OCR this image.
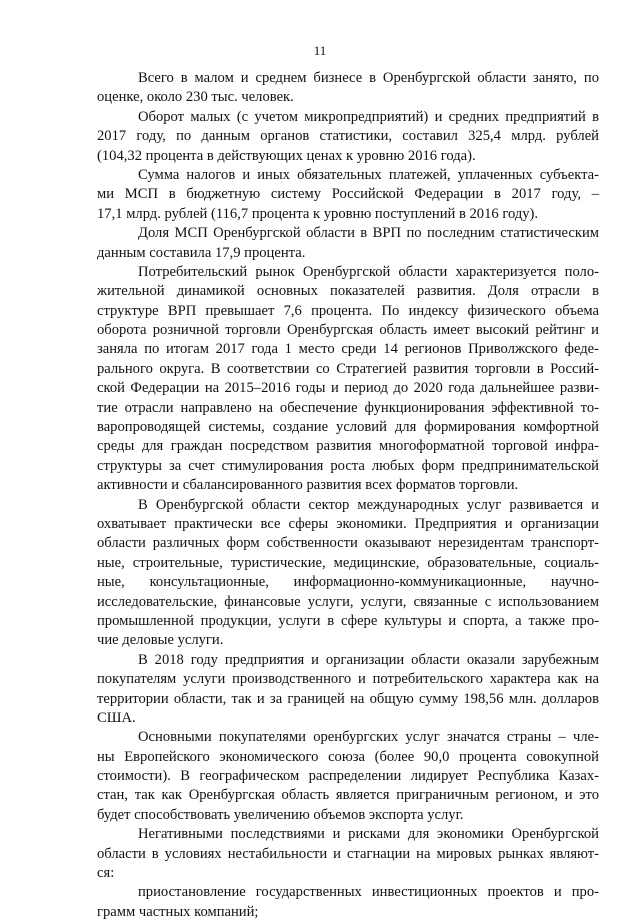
11

Всего в малом и среднем бизнесе в Оренбургской области занято, по
оценке, около 230 тыс. человек.

Оборот малых (с учетом микропредприятий) и средних предприятий в
2017 году, по данным органов статистики, составил 325,4 млрд. рублей
(104,32 процента в действующих ценах к уровню 2016 года).

Сумма налогов и иных обязательных платежей, уплаченных субъекта-
ми МСП в бюджетную систему Российской Федерации в 2017 году, –
17,1 млрд. рублей (116,7 процента к уровню поступлений в 2016 году).

Доля МСП Оренбургской области в ВРП по последним статистическим
данным составила 17,9 процента.

Потребительский рынок Оренбургской области характеризуется поло-
жительной динамикой основных показателей развития. Доля отрасли в
структуре ВРП превышает 7,6 процента. По индексу физического объема
оборота розничной торговли Оренбургская область имеет высокий рейтинг и
заняла по итогам 2017 года 1 место среди 14 регионов Приволжского феде-
рального округа. В соответствии со Стратегией развития торговли в Россий-
ской Федерации на 2015–2016 годы и период до 2020 года дальнейшее разви-
тие отрасли направлено на обеспечение функционирования эффективной то-
варопроводящей системы, создание условий для формирования комфортной
среды для граждан посредством развития многоформатной торговой инфра-
структуры за счет стимулирования роста любых форм предпринимательской
активности и сбалансированного развития всех форматов торговли.

В Оренбургской области сектор международных услуг развивается и
охватывает практически все сферы экономики. Предприятия и организации
области различных форм собственности оказывают нерезидентам транспорт-
ные, строительные, туристические, медицинские, образовательные, социаль-
ные, консультационные, информационно-коммуникационные, научно-
исследовательские, финансовые услуги, услуги, связанные с использованием
промышленной продукции, услуги в сфере культуры и спорта, а также про-
чие деловые услуги.

В 2018 году предприятия и организации области оказали зарубежным
покупателям услуги производственного и потребительского характера как на
территории области, так и за границей на общую сумму 198,56 млн. долларов
США.

Основными покупателями оренбургских услуг значатся страны – чле-
ны Европейского экономического союза (более 90,0 процента совокупной
стоимости). В географическом распределении лидирует Республика Казах-
стан, так как Оренбургская область является приграничным регионом, и это
будет способствовать увеличению объемов экспорта услуг.

Негативными последствиями и рисками для экономики Оренбургской
области в условиях нестабильности и стагнации на мировых рынках являют-
ся:

приостановление государственных инвестиционных проектов и про-
грамм частных компаний;
